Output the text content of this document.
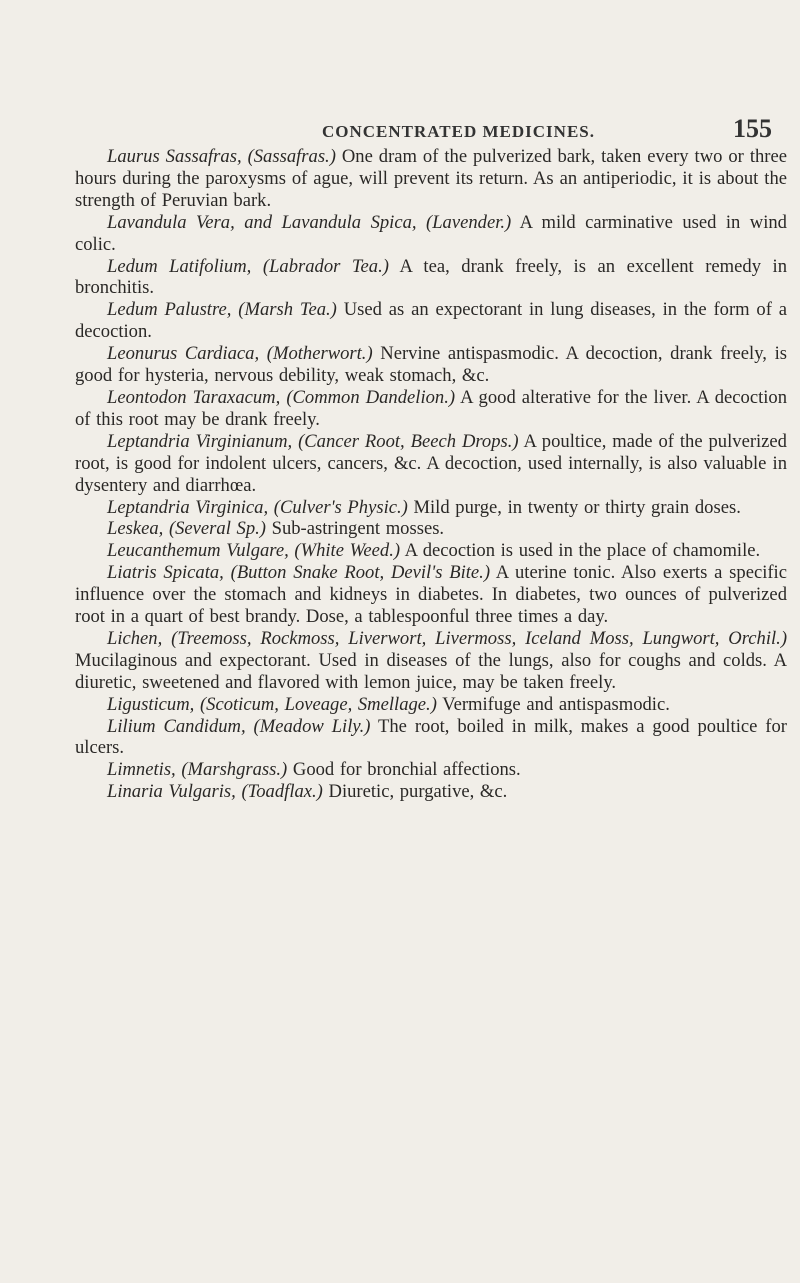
CONCENTRATED MEDICINES.	155

Laurus Sassafras, (Sassafras.) One dram of the pulverized bark, taken every two or three hours during the paroxysms of ague, will prevent its return. As an antiperiodic, it is about the strength of Peruvian bark.

Lavandula Vera, and Lavandula Spica, (Lavender.) A mild carminative used in wind colic.

Ledum Latifolium, (Labrador Tea.) A tea, drank freely, is an excellent remedy in bronchitis.

Ledum Palustre, (Marsh Tea.) Used as an expectorant in lung diseases, in the form of a decoction.

Leonurus Cardiaca, (Motherwort.) Nervine antispasmodic. A decoction, drank freely, is good for hysteria, nervous debility, weak stomach, &c.

Leontodon Taraxacum, (Common Dandelion.) A good alterative for the liver. A decoction of this root may be drank freely.

Leptandria Virginianum, (Cancer Root, Beech Drops.) A poultice, made of the pulverized root, is good for indolent ulcers, cancers, &c. A decoction, used internally, is also valuable in dysentery and diarrhœa.

Leptandria Virginica, (Culver's Physic.) Mild purge, in twenty or thirty grain doses.

Leskea, (Several Sp.) Sub-astringent mosses.

Leucanthemum Vulgare, (White Weed.) A decoction is used in the place of chamomile.

Liatris Spicata, (Button Snake Root, Devil's Bite.) A uterine tonic. Also exerts a specific influence over the stomach and kidneys in diabetes. In diabetes, two ounces of pulverized root in a quart of best brandy. Dose, a tablespoonful three times a day.

Lichen, (Treemoss, Rockmoss, Liverwort, Livermoss, Iceland Moss, Lungwort, Orchil.) Mucilaginous and expectorant. Used in diseases of the lungs, also for coughs and colds. A diuretic, sweetened and flavored with lemon juice, may be taken freely.

Ligusticum, (Scoticum, Loveage, Smellage.) Vermifuge and antispasmodic.

Lilium Candidum, (Meadow Lily.) The root, boiled in milk, makes a good poultice for ulcers.

Limnetis, (Marshgrass.) Good for bronchial affections.

Linaria Vulgaris, (Toadflax.) Diuretic, purgative, &c.
